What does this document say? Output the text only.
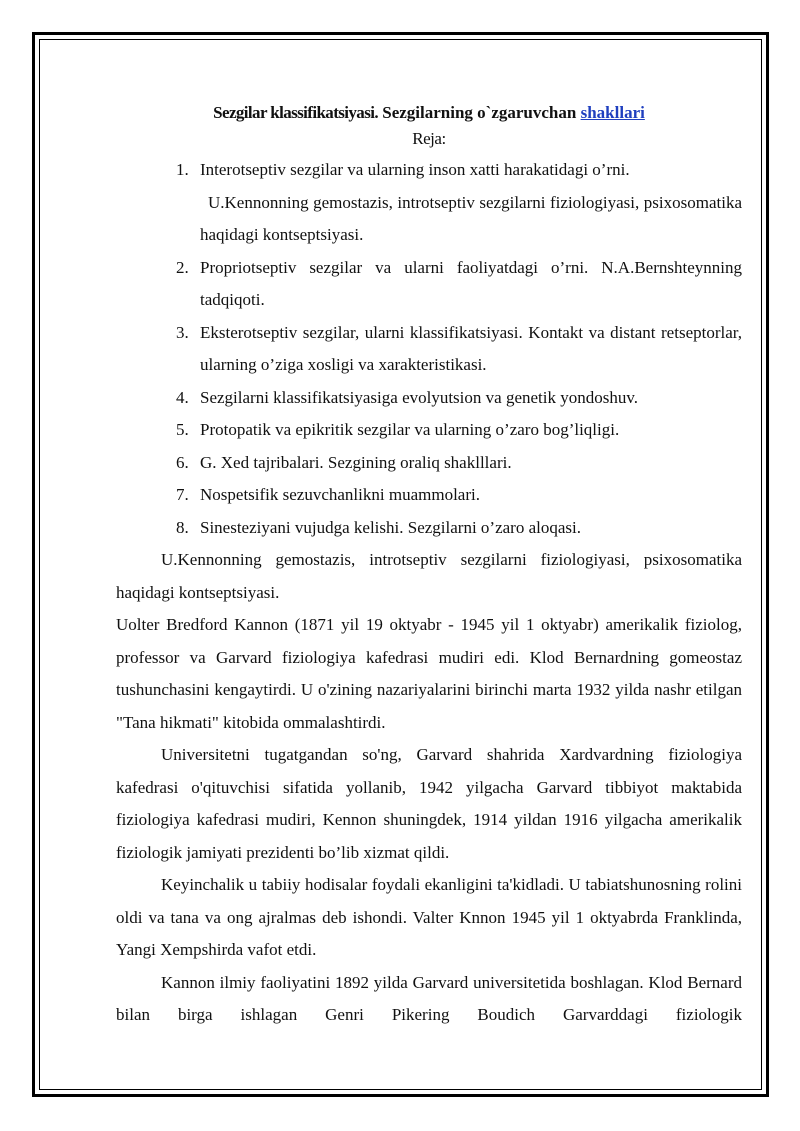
Sezgilar klassifikatsiyasi. Sezgilarning o`zgaruvchan shakllari
Reja:
1. Interotseptiv sezgilar va ularning inson xatti harakatidagi o’rni.
U.Kennonning gemostazis, introtseptiv sezgilarni fiziologiyasi, psixosomatika haqidagi kontseptsiyasi.
2. Propriotseptiv sezgilar va ularni faoliyatdagi o’rni. N.A.Bernshteynning tadqiqoti.
3. Eksterotseptiv sezgilar, ularni klassifikatsiyasi. Kontakt va distant retseptorlar, ularning o’ziga xosligi va xarakteristikasi.
4. Sezgilarni klassifikatsiyasiga evolyutsion va genetik yondoshuv.
5. Protopatik va epikritik sezgilar va ularning o’zaro bog’liqligi.
6. G. Xed tajribalari. Sezgining oraliq shaklllari.
7. Nospetsifik sezuvchanlikni muammolari.
8. Sinesteziyani vujudga kelishi. Sezgilarni o’zaro aloqasi.

U.Kennonning gemostazis, introtseptiv sezgilarni fiziologiyasi, psixosomatika haqidagi kontseptsiyasi.

Uolter Bredford Kannon (1871 yil 19 oktyabr - 1945 yil 1 oktyabr) amerikalik fiziolog, professor va Garvard fiziologiya kafedrasi mudiri edi. Klod Bernardning gomeostaz tushunchasini kengaytirdi. U o'zining nazariyalarini birinchi marta 1932 yilda nashr etilgan "Tana hikmati" kitobida ommalashtirdi.

Universitetni tugatgandan so'ng, Garvard shahrida Xardvardning fiziologiya kafedrasi o'qituvchisi sifatida yollanib, 1942 yilgacha Garvard tibbiyot maktabida fiziologiya kafedrasi mudiri, Kennon shuningdek, 1914 yildan 1916 yilgacha amerikalik fiziologik jamiyati prezidenti bo’lib xizmat qildi.

Keyinchalik u tabiiy hodisalar foydali ekanligini ta'kidladi. U tabiatshunosning rolini oldi va tana va ong ajralmas deb ishondi. Valter Knnon 1945 yil 1 oktyabrda Franklinda, Yangi Xempshirda vafot etdi.

Kannon ilmiy faoliyatini 1892 yilda Garvard universitetida boshlagan. Klod Bernard bilan birga ishlagan Genri Pikering Boudich Garvarddagi fiziologik
